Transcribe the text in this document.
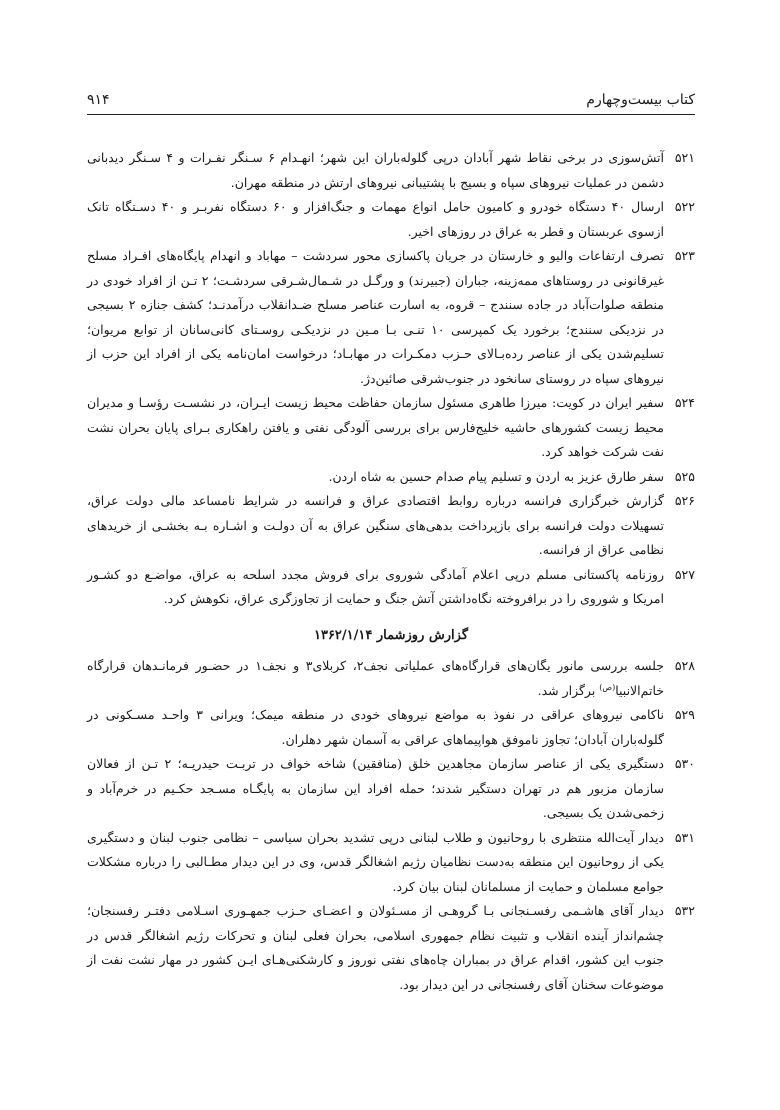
کتاب بیست‌وچهارم
۹۱۴

۵۲۱آتش‌سوزی در برخی نقاط شهر آبادان درپی گلوله‌باران این شهر؛ انهـدام ۶ سـنگر نفـرات و ۴ سـنگر دیدبانی دشمن در عملیات نیروهای سپاه و بسیج با پشتیبانی نیروهای ارتش در منطقه مهران.

۵۲۲ارسال ۴۰ دستگاه خودرو و کامیون حامل انواع مهمات و جنگ‌افزار و ۶۰ دستگاه نفربـر و ۴۰ دسـتگاه تانک ازسوی عربستان و قطر به عراق در روزهای اخیر.

۵۲۳تصرف ارتفاعات والیو و خارستان در جریان پاکسازی محور سردشت – مهاباد و انهدام پایگاه‌های افـراد مسلح غیرقانونی در روستاهای ممه‌زینه، جباران (جبیرند) و ورگـل در شـمال‌شـرقی سردشـت؛ ۲ تـن از افراد خودی در منطقه صلوات‌آباد در جاده سنندج – قروه، به اسارت عناصر مسلح ضـدانقلاب درآمدنـد؛ کشف جنازه ۲ بسیجی در نزدیکی سنندج؛ برخورد یک کمپرسی ۱۰ تنـی بـا مـین در نزدیکـی روسـتای کانی‌سانان از توابع مریوان؛ تسلیم‌شدن یکی از عناصر رده‌بـالای حـزب دمکـرات در مهابـاد؛ درخواست امان‌نامه یکی از افراد این حزب از نیروهای سپاه در روستای سانخود در جنوب‌شرقی صائین‌دژ.

۵۲۴سفیر ایران در کویت: میرزا طاهری مسئول سازمان حفاظت محیط زیست ایـران، در نشسـت رؤسـا و مدیران محیط زیست کشورهای حاشیه خلیج‌فارس برای بررسی آلودگی نفتی و یافتن راهکاری بـرای پایان بحران نشت نفت شرکت خواهد کرد.

۵۲۵سفر طارق عزیز به اردن و تسلیم پیام صدام حسین به شاه اردن.

۵۲۶گزارش خبرگزاری فرانسه درباره روابط اقتصادی عراق و فرانسه در شرایط نامساعد مالی دولت عراق، تسهیلات دولت فرانسه برای بازپرداخت بدهی‌های سنگین عراق به آن دولـت و اشـاره بـه بخشـی از خریدهای نظامی عراق از فرانسه.

۵۲۷روزنامه پاکستانی مسلم درپی اعلام آمادگی شوروی برای فروش مجدد اسلحه به عراق، مواضـع دو کشـور امریکا و شوروی را در برافروخته نگاه‌داشتن آتش جنگ و حمایت از تجاوزگری عراق، نکوهش کرد.

گزارش روزشمار ۱۳۶۲/۱/۱۴

۵۲۸جلسه بررسی مانور یگان‌های قرارگاه‌های عملیاتی نجف۲، کربلای۳ و نجف۱ در حضـور فرمانـدهان قرارگاه خاتم‌الانبیا$^{(ص)}$ برگزار شد.

۵۲۹ناکامی نیروهای عراقی در نفوذ به مواضع نیروهای خودی در منطقه میمک؛ ویرانی ۳ واحـد مسـکونی در گلوله‌باران آبادان؛ تجاوز ناموفق هواپیماهای عراقی به آسمان شهر دهلران.

۵۳۰دستگیری یکی از عناصر سازمان مجاهدین خلق (منافقین) شاخه خواف در تربـت حیدریـه؛ ۲ تـن از فعالان سازمان مزبور هم در تهران دستگیر شدند؛ حمله افراد این سازمان به پایگـاه مسـجد حکـیم در خرم‌آباد و زخمی‌شدن یک بسیجی.

۵۳۱دیدار آیت‌الله منتظری با روحانیون و طلاب لبنانی درپی تشدید بحران سیاسی – نظامی جنوب لبنان و دستگیری یکی از روحانیون این منطقه به‌دست نظامیان رژیم اشغالگر قدس، وی در این دیدار مطـالبی را درباره مشکلات جوامع مسلمان و حمایت از مسلمانان لبنان بیان کرد.

۵۳۲دیدار آقای هاشـمی رفسـنجانی بـا گروهـی از مسـئولان و اعضـای حـزب جمهـوری اسـلامی دفتـر رفسنجان؛ چشم‌انداز آینده انقلاب و تثبیت نظام جمهوری اسلامی، بحران فعلی لبنان و تحرکات رژیم اشغالگر قدس در جنوب این کشور، اقدام عراق در بمباران چاه‌های نفتی نوروز و کارشکنی‌هـای ایـن کشور در مهار نشت نفت از موضوعات سخنان آقای رفسنجانی در این دیدار بود.
